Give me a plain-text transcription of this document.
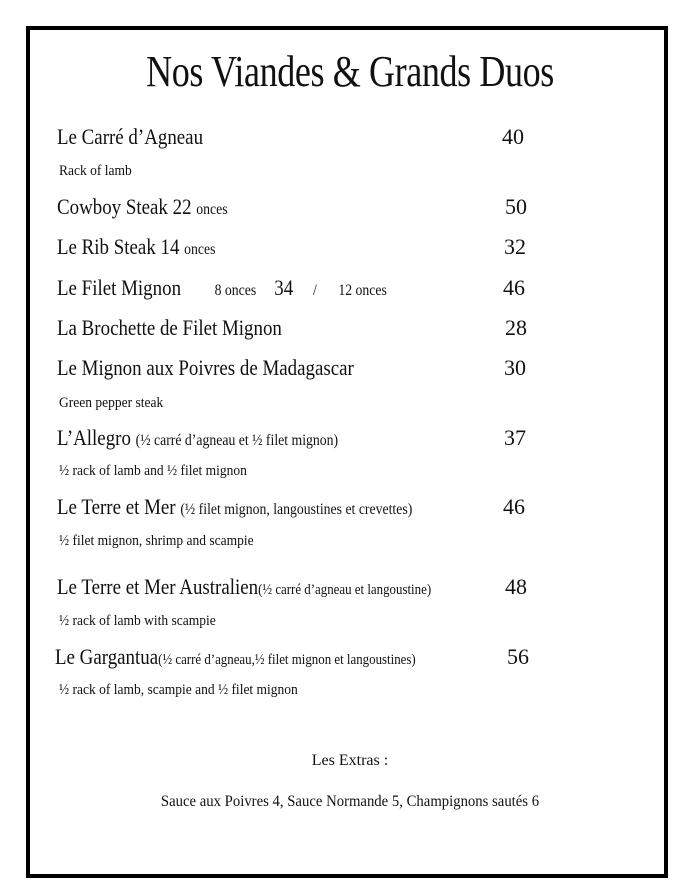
Nos Viandes & Grands Duos
Le Carré d’Agneau	40
Rack of lamb
Cowboy Steak 22 onces	50
Le Rib Steak 14 onces	32
Le Filet Mignon 8 onces 34 / 12 onces	46
La Brochette de Filet Mignon	28
Le Mignon aux Poivres de Madagascar	30
Green pepper steak
L’Allegro (½ carré d’agneau et ½ filet mignon)	37
½ rack of lamb and ½ filet mignon
Le Terre et Mer (½ filet mignon, langoustines et crevettes)	46
½ filet mignon, shrimp and scampie
Le Terre et Mer Australien(½ carré d’agneau et langoustine)	48
½ rack of lamb with scampie
Le Gargantua(½ carré d’agneau,½ filet mignon et langoustines)	56
½ rack of lamb, scampie and ½ filet mignon
Les Extras :
Sauce aux Poivres 4, Sauce Normande 5, Champignons sautés 6
